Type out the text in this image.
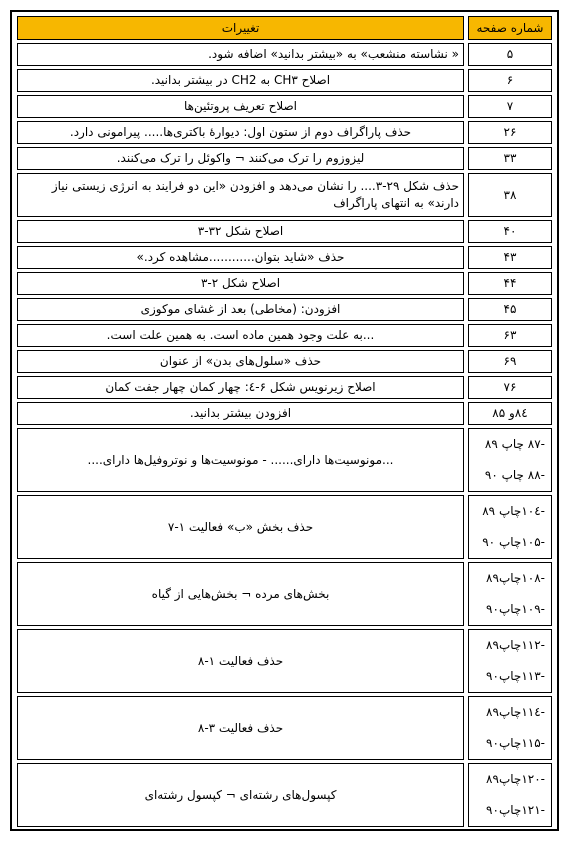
شماره صفحه	تغییرات
۵	« نشاسته منشعب» به «بیشتر بدانید» اضافه شود.
۶	اصلاح CH۳ به CH2 در بیشتر بدانید.
۷	اصلاح تعریف پروتئین‌ها
۲۶	حذف پاراگراف دوم از ستون اول: دیوارۀ باکتری‌ها..... پیرامونی دارد.
۳۳	لیزوزوم را ترک می‌کنند ¬ واکوئل را ترک می‌کنند.
۳۸	حذف شکل ۲۹-۳.... را نشان می‌دهد و افزودن «این دو فرایند به انرژی زیستی نیاز دارند» به انتهای پاراگراف
۴۰	اصلاح شکل ۳۲-۳
۴۳	حذف «شاید بتوان............مشاهده کرد.»
۴۴	اصلاح شکل ۲-۳
۴۵	افزودن: (مخاطی) بعد از غشای موکوزی
۶۳	...به علت وجود همین ماده است. به همین علت است.
۶۹	حذف «سلول‌های بدن» از عنوان
۷۶	اصلاح زیرنویس شکل ۶-٤: چهار کمان چهار جفت کمان
۸٤و ۸۵	افزودن بیشتر بدانید.

-۸۷ چاپ ۸۹
-۸۸ چاپ ۹۰	...مونوسیت‌ها دارای...... - مونوسیت‌ها و نوتروفیل‌ها دارای....

-۱۰٤چاپ ۸۹
-۱۰۵چاپ ۹۰	حذف بخش «ب» فعالیت ۱-۷

-۱۰۸چاپ۸۹
-۱۰۹چاپ۹۰	بخش‌های مرده ¬ بخش‌هایی از گیاه

-۱۱۲چاپ۸۹
-۱۱۳چاپ۹۰	حذف فعالیت ۱-۸

-۱۱٤چاپ۸۹
-۱۱۵چاپ۹۰	حذف فعالیت ۳-۸

-۱۲۰چاپ۸۹
-۱۲۱چاپ۹۰	کپسول‌های رشته‌ای ¬ کپسول رشته‌ای
